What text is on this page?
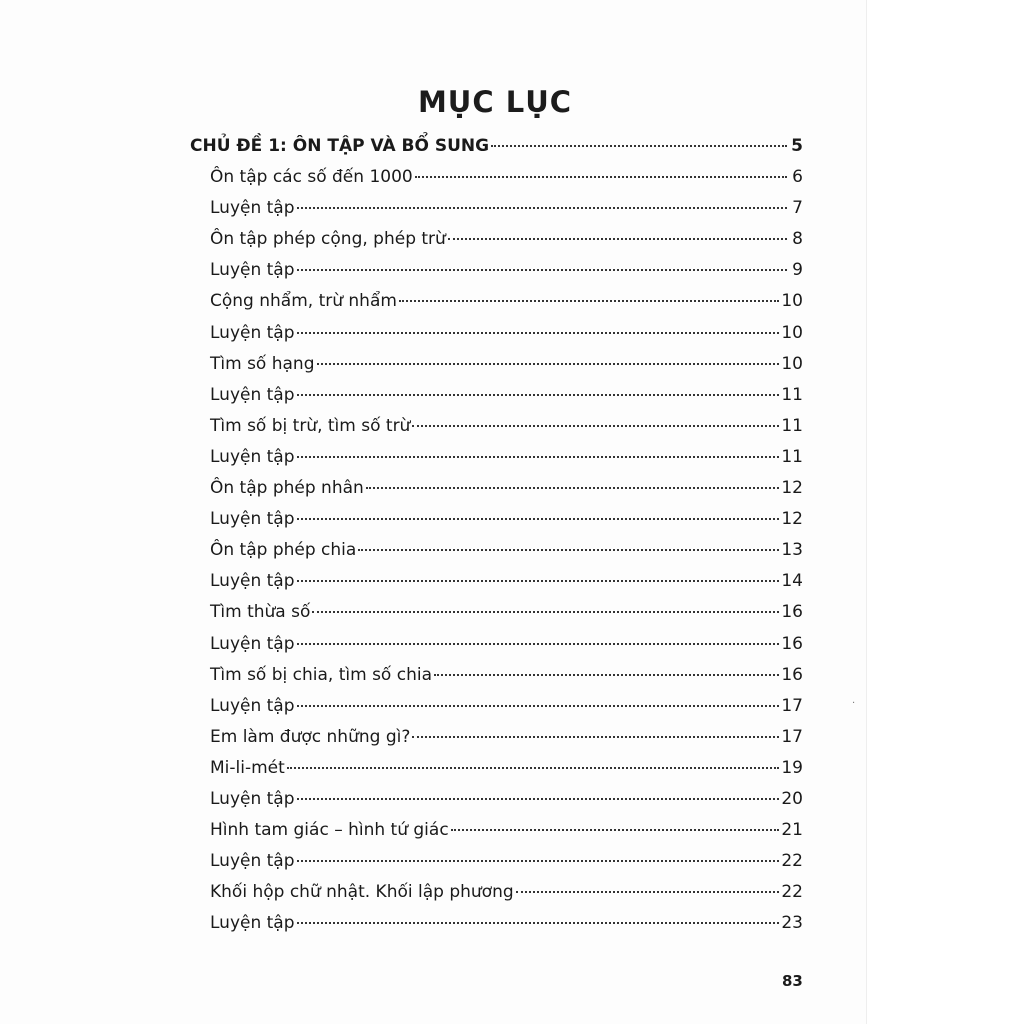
MỤC LỤC
CHỦ ĐỀ 1: ÔN TẬP VÀ BỔ SUNG	5
Ôn tập các số đến 1000	6
Luyện tập	7
Ôn tập phép cộng, phép trừ	8
Luyện tập	9
Cộng nhẩm, trừ nhẩm	10
Luyện tập	10
Tìm số hạng	10
Luyện tập	11
Tìm số bị trừ, tìm số trừ	11
Luyện tập	11
Ôn tập phép nhân	12
Luyện tập	12
Ôn tập phép chia	13
Luyện tập	14
Tìm thừa số	16
Luyện tập	16
Tìm số bị chia, tìm số chia	16
Luyện tập	17
Em làm được những gì?	17
Mi-li-mét	19
Luyện tập	20
Hình tam giác – hình tứ giác	21
Luyện tập	22
Khối hộp chữ nhật. Khối lập phương	22
Luyện tập	23
·
83
